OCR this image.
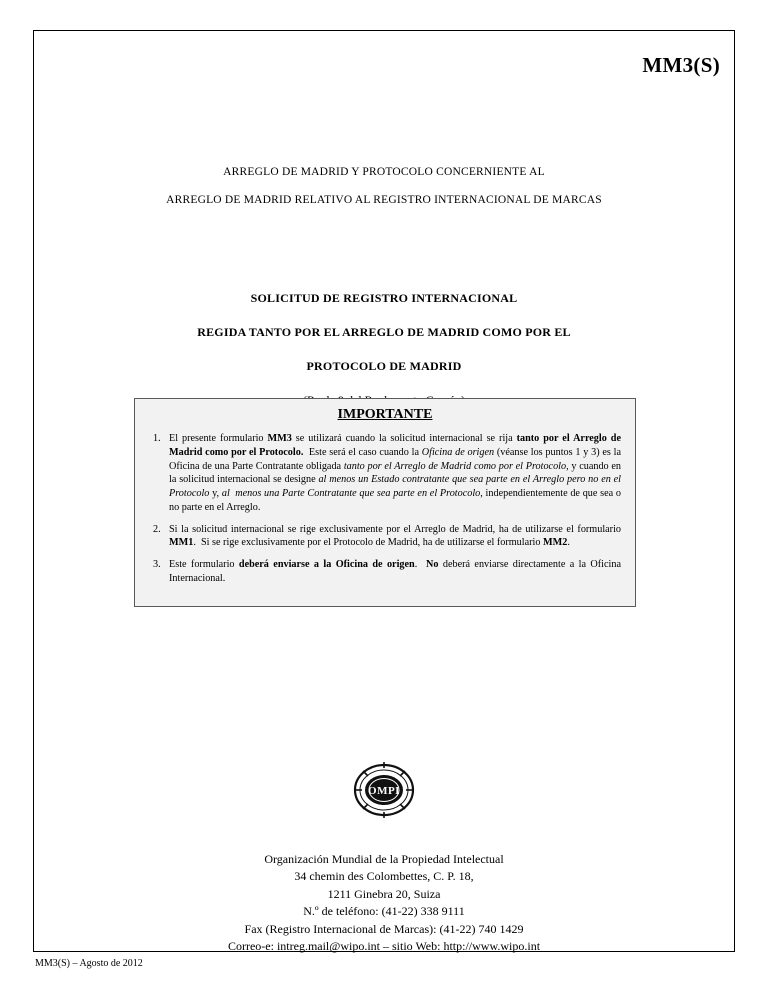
MM3(S)
ARREGLO DE MADRID Y PROTOCOLO CONCERNIENTE AL
ARREGLO DE MADRID RELATIVO AL REGISTRO INTERNACIONAL DE MARCAS
SOLICITUD DE REGISTRO INTERNACIONAL
REGIDA TANTO POR EL ARREGLO DE MADRID COMO POR EL
PROTOCOLO DE MADRID
IMPORTANTE
1. El presente formulario MM3 se utilizará cuando la solicitud internacional se rija tanto por el Arreglo de Madrid como por el Protocolo.  Este será el caso cuando la Oficina de origen (véanse los puntos 1 y 3) es la Oficina de una Parte Contratante obligada tanto por el Arreglo de Madrid como por el Protocolo, y cuando en la solicitud internacional se designe al menos un Estado contratante que sea parte en el Arreglo pero no en el Protocolo y, al  menos una Parte Contratante que sea parte en el Protocolo, independientemente de que sea o no parte en el Arreglo.
2. Si la solicitud internacional se rige exclusivamente por el Arreglo de Madrid, ha de utilizarse el formulario MM1.  Si se rige exclusivamente por el Protocolo de Madrid, ha de utilizarse el formulario MM2.
3. Este formulario deberá enviarse a la Oficina de origen.  No deberá enviarse directamente a la Oficina Internacional.
OMPI
Organización Mundial de la Propiedad Intelectual
34 chemin des Colombettes, C. P. 18,
1211 Ginebra 20, Suiza
N.º de teléfono: (41-22) 338 9111
Fax (Registro Internacional de Marcas): (41-22) 740 1429
Correo-e: intreg.mail@wipo.int – sitio Web: http://www.wipo.int
MM3(S) – Agosto de 2012
